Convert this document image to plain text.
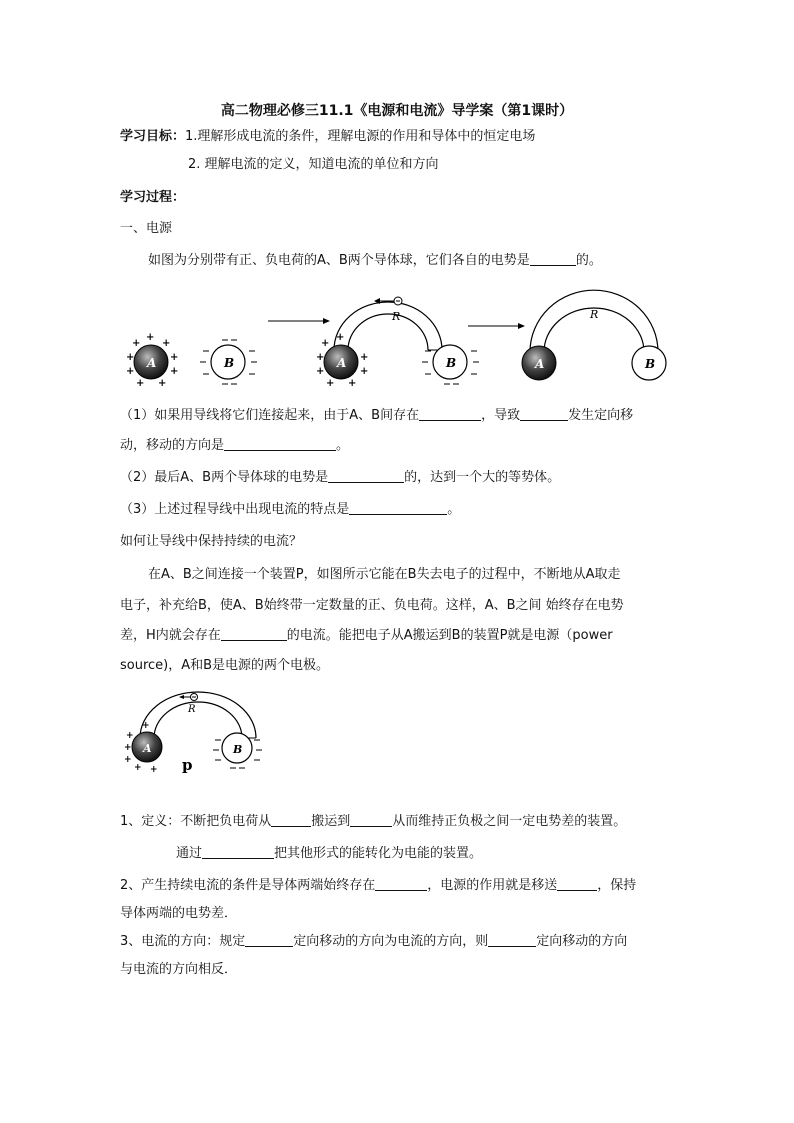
高二物理必修三11.1《电源和电流》导学案（第1课时）
学习目标：1.理解形成电流的条件，理解电源的作用和导体中的恒定电场
2. 理解电流的定义，知道电流的单位和方向
学习过程：
一、电源
如图为分别带有正、负电荷的A、B两个导体球，它们各自的电势是	的。
A
+
+ +
+	+
+	+
+ +
B	A
+
+
+	+
+	+
+ +
B
R
A	B
R
（1）如果用导线将它们连接起来，由于A、B间存在	，导致	发生定向移
动，移动的方向是	。
（2）最后A、B两个导体球的电势是	的，达到一个大的等势体。
（3）上述过程导线中出现电流的特点是	。
如何让导线中保持持续的电流？
在A、B之间连接一个装置P，如图所示它能在B失去电子的过程中，不断地从A取走
电子，补充给B，使A、B始终带一定数量的正、负电荷。这样，A、B之间 始终存在电势
差，H内就会存在	的电流。能把电子从A搬运到B的装置P就是电源（power
source)，A和B是电源的两个电极。
A
+
+
+
+
+ +
B
R
p
1、定义：不断把负电荷从	搬运到	从而维持正负极之间一定电势差的装置。
通过	把其他形式的能转化为电能的装置。
2、产生持续电流的条件是导体两端始终存在	，电源的作用就是移送	，保持
导体两端的电势差．
3、电流的方向：规定	定向移动的方向为电流的方向，则	定向移动的方向
与电流的方向相反．
